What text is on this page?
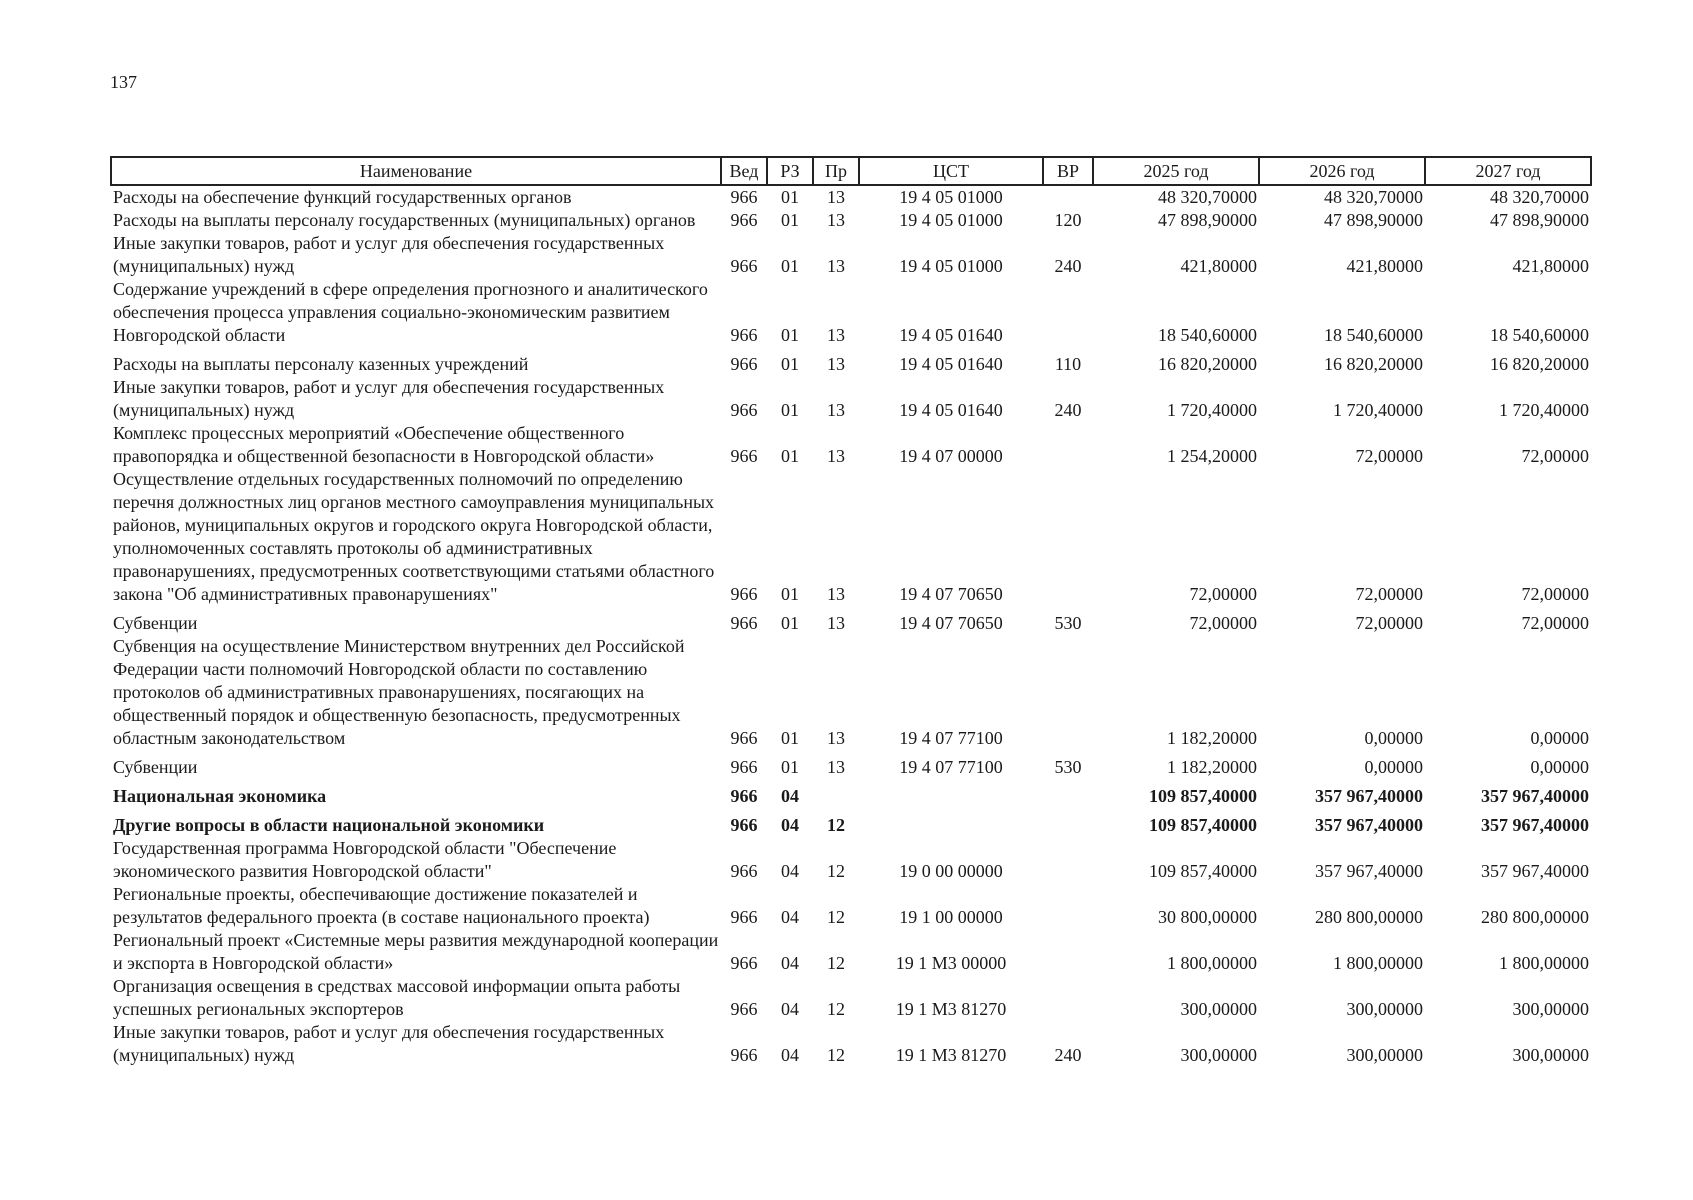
137
Наименование	Вед	РЗ	Пр	ЦСТ	ВР	2025 год	2026 год	2027 год
Расходы на обеспечение функций государственных органов	966	01	13	19 4 05 01000		48 320,70000	48 320,70000	48 320,70000
Расходы на выплаты персоналу государственных (муниципальных) органов	966	01	13	19 4 05 01000	120	47 898,90000	47 898,90000	47 898,90000
Иные закупки товаров, работ и услуг для обеспечения государственных (муниципальных) нужд	966	01	13	19 4 05 01000	240	421,80000	421,80000	421,80000
Содержание учреждений в сфере определения прогнозного и аналитического обеспечения процесса управления социально-экономическим развитием Новгородской области	966	01	13	19 4 05 01640		18 540,60000	18 540,60000	18 540,60000
Расходы на выплаты персоналу казенных учреждений	966	01	13	19 4 05 01640	110	16 820,20000	16 820,20000	16 820,20000
Иные закупки товаров, работ и услуг для обеспечения государственных (муниципальных) нужд	966	01	13	19 4 05 01640	240	1 720,40000	1 720,40000	1 720,40000
Комплекс процессных мероприятий «Обеспечение общественного правопорядка и общественной безопасности в Новгородской области»	966	01	13	19 4 07 00000		1 254,20000	72,00000	72,00000
Осуществление отдельных государственных полномочий по определению перечня должностных лиц органов местного самоуправления муниципальных районов, муниципальных округов и городского округа Новгородской области, уполномоченных составлять протоколы об административных правонарушениях, предусмотренных соответствующими статьями областного закона "Об административных правонарушениях"	966	01	13	19 4 07 70650		72,00000	72,00000	72,00000
Субвенции	966	01	13	19 4 07 70650	530	72,00000	72,00000	72,00000
Субвенция на осуществление Министерством внутренних дел Российской Федерации части полномочий Новгородской области по составлению протоколов об административных правонарушениях, посягающих на общественный порядок и общественную безопасность, предусмотренных областным законодательством	966	01	13	19 4 07 77100		1 182,20000	0,00000	0,00000
Субвенции	966	01	13	19 4 07 77100	530	1 182,20000	0,00000	0,00000
Национальная экономика	966	04				109 857,40000	357 967,40000	357 967,40000
Другие вопросы в области национальной экономики	966	04	12			109 857,40000	357 967,40000	357 967,40000
Государственная программа Новгородской области "Обеспечение экономического развития Новгородской области"	966	04	12	19 0 00 00000		109 857,40000	357 967,40000	357 967,40000
Региональные проекты, обеспечивающие достижение показателей и результатов федерального проекта (в составе национального проекта)	966	04	12	19 1 00 00000		30 800,00000	280 800,00000	280 800,00000
Региональный проект «Системные меры развития международной кооперации и экспорта в Новгородской области»	966	04	12	19 1 М3 00000		1 800,00000	1 800,00000	1 800,00000
Организация освещения в средствах массовой информации опыта работы успешных региональных экспортеров	966	04	12	19 1 М3 81270		300,00000	300,00000	300,00000
Иные закупки товаров, работ и услуг для обеспечения государственных (муниципальных) нужд	966	04	12	19 1 М3 81270	240	300,00000	300,00000	300,00000
